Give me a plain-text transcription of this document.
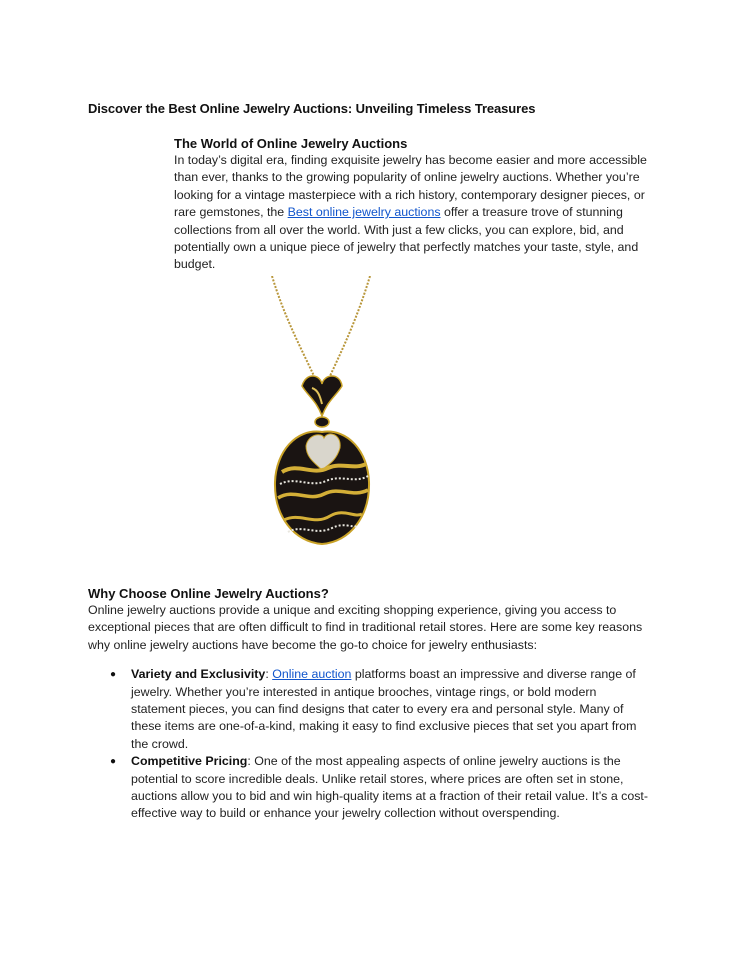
Discover the Best Online Jewelry Auctions: Unveiling Timeless Treasures
The World of Online Jewelry Auctions

In today’s digital era, finding exquisite jewelry has become easier and more accessible than ever, thanks to the growing popularity of online jewelry auctions. Whether you’re looking for a vintage masterpiece with a rich history, contemporary designer pieces, or rare gemstones, the Best online jewelry auctions offer a treasure trove of stunning collections from all over the world. With just a few clicks, you can explore, bid, and potentially own a unique piece of jewelry that perfectly matches your taste, style, and budget.

Why Choose Online Jewelry Auctions?

Online jewelry auctions provide a unique and exciting shopping experience, giving you access to exceptional pieces that are often difficult to find in traditional retail stores. Here are some key reasons why online jewelry auctions have become the go-to choice for jewelry enthusiasts:

● Variety and Exclusivity: Online auction platforms boast an impressive and diverse range of jewelry. Whether you’re interested in antique brooches, vintage rings, or bold modern statement pieces, you can find designs that cater to every era and personal style. Many of these items are one-of-a-kind, making it easy to find exclusive pieces that set you apart from the crowd.
● Competitive Pricing: One of the most appealing aspects of online jewelry auctions is the potential to score incredible deals. Unlike retail stores, where prices are often set in stone, auctions allow you to bid and win high-quality items at a fraction of their retail value. It’s a cost-effective way to build or enhance your jewelry collection without overspending.
